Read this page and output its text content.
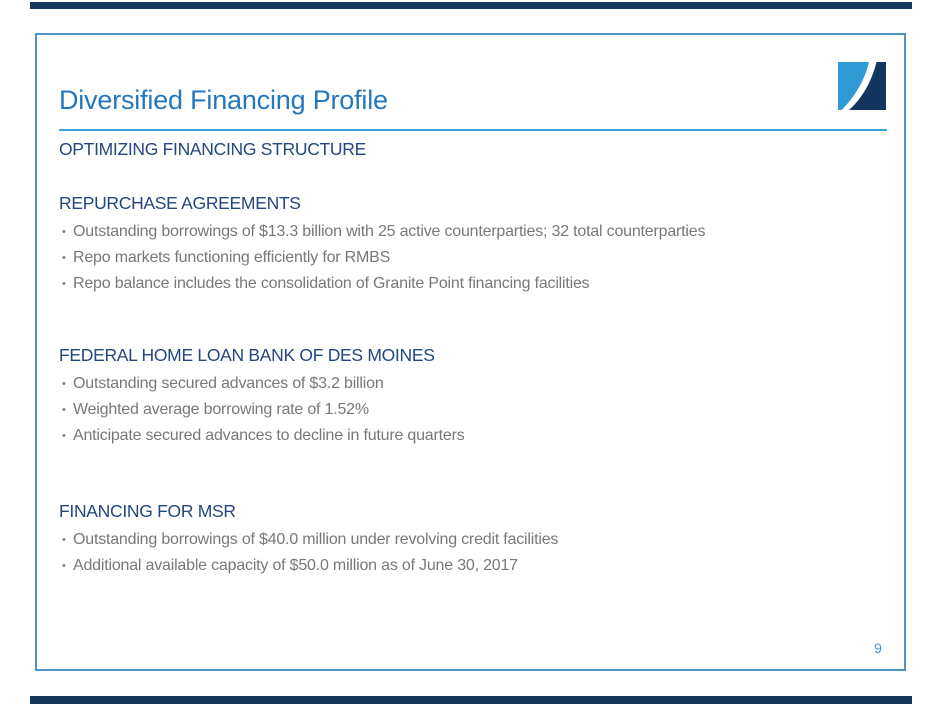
Diversified Financing Profile
OPTIMIZING FINANCING STRUCTURE
REPURCHASE AGREEMENTS
• Outstanding borrowings of $13.3 billion with 25 active counterparties; 32 total counterparties
• Repo markets functioning efficiently for RMBS
• Repo balance includes the consolidation of Granite Point financing facilities
FEDERAL HOME LOAN BANK OF DES MOINES
• Outstanding secured advances of $3.2 billion
• Weighted average borrowing rate of 1.52%
• Anticipate secured advances to decline in future quarters
FINANCING FOR MSR
• Outstanding borrowings of $40.0 million under revolving credit facilities
• Additional available capacity of $50.0 million as of June 30, 2017
9
